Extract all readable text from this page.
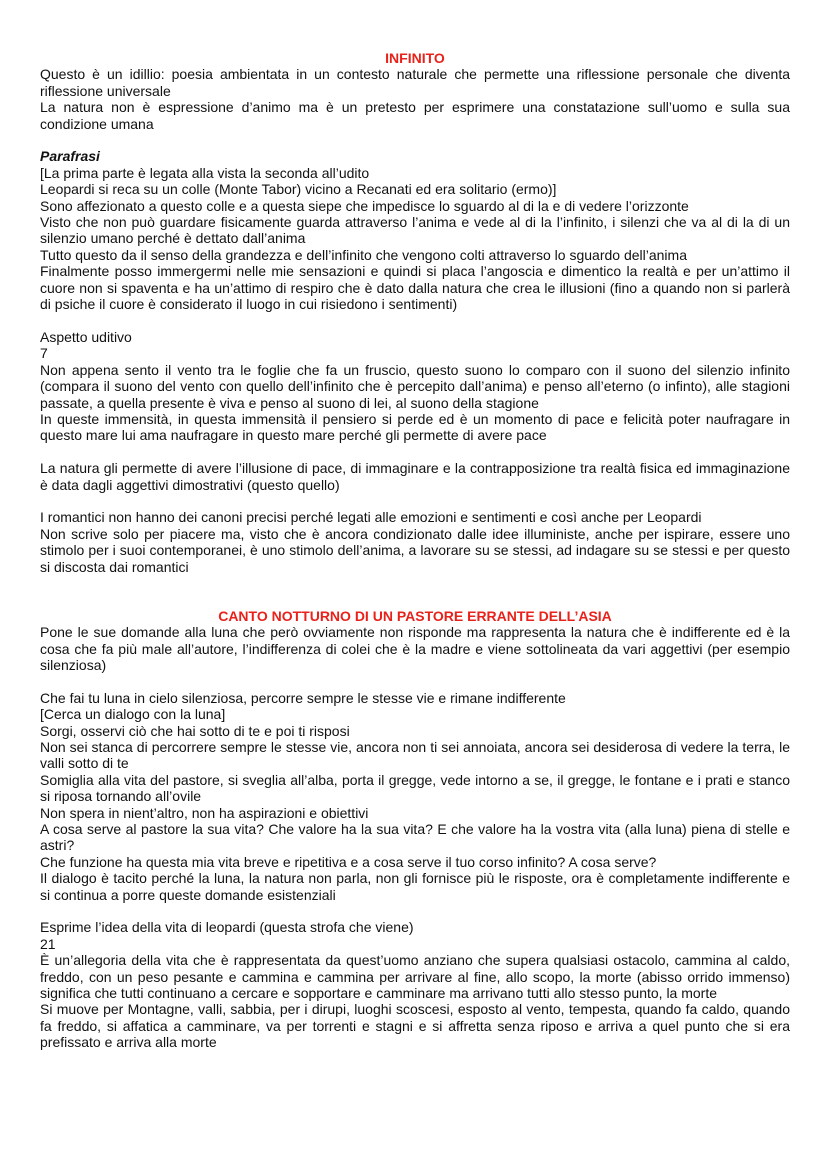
INFINITO

Questo è un idillio: poesia ambientata in un contesto naturale che permette una riflessione personale che diventa riflessione universale

La natura non è espressione d’animo ma è un pretesto per esprimere una constatazione sull’uomo e sulla sua condizione umana

Parafrasi

[La prima parte è legata alla vista la seconda all’udito

Leopardi si reca su un colle (Monte Tabor) vicino a Recanati ed era solitario (ermo)]

Sono affezionato a questo colle e a questa siepe che impedisce lo sguardo al di la e di vedere l’orizzonte

Visto che non può guardare fisicamente guarda attraverso l’anima e vede al di la l’infinito, i silenzi che va al di la di un silenzio umano perché è dettato dall’anima

Tutto questo da il senso della grandezza e dell’infinito che vengono colti attraverso lo sguardo dell’anima

Finalmente posso immergermi nelle mie sensazioni e quindi si placa l’angoscia e dimentico la realtà e per un’attimo il cuore non si spaventa e ha un’attimo di respiro che è dato dalla natura che crea le illusioni (fino a quando non si parlerà di psiche il cuore è considerato il luogo in cui risiedono i sentimenti)

Aspetto uditivo

7

Non appena sento il vento tra le foglie che fa un fruscio, questo suono lo comparo con il suono del silenzio infinito (compara il suono del vento con quello dell’infinito che è percepito dall’anima) e penso all’eterno (o infinto), alle stagioni passate, a quella presente è viva e penso al suono di lei, al suono della stagione

In queste immensità, in questa immensità il pensiero si perde ed è un momento di pace e felicità poter naufragare in questo mare lui ama naufragare in questo mare perché gli permette di avere pace

La natura gli permette di avere l’illusione di pace, di immaginare e la contrapposizione tra realtà fisica ed immaginazione è data dagli aggettivi dimostrativi (questo quello)

I romantici non hanno dei canoni precisi perché legati alle emozioni e sentimenti e così anche per Leopardi

Non scrive solo per piacere ma, visto che è ancora condizionato dalle idee illuministe, anche per ispirare, essere uno stimolo per i suoi contemporanei, è uno stimolo dell’anima, a lavorare su se stessi, ad indagare su se stessi e per questo si discosta dai romantici

CANTO NOTTURNO DI UN PASTORE ERRANTE DELL’ASIA

Pone le sue domande alla luna che però ovviamente non risponde ma rappresenta la natura che è indifferente ed è la cosa che fa più male all’autore, l’indifferenza di colei che è la madre e viene sottolineata da vari aggettivi (per esempio silenziosa)

Che fai tu luna in cielo silenziosa, percorre sempre le stesse vie e rimane indifferente

[Cerca un dialogo con la luna]

Sorgi, osservi ciò che hai sotto di te e poi ti risposi

Non sei stanca di percorrere sempre le stesse vie, ancora non ti sei annoiata, ancora sei desiderosa di vedere la terra, le valli sotto di te

Somiglia alla vita del pastore, si sveglia all’alba, porta il gregge, vede intorno a se, il gregge, le fontane e i prati e stanco si riposa tornando all’ovile

Non spera in nient’altro, non ha aspirazioni e obiettivi

A cosa serve al pastore la sua vita? Che valore ha la sua vita? E che valore ha la vostra vita (alla luna) piena di stelle e astri?

Che funzione ha questa mia vita breve e ripetitiva e a cosa serve il tuo corso infinito? A cosa serve?

Il dialogo è tacito perché la luna, la natura non parla, non gli fornisce più le risposte, ora è completamente indifferente e si continua a porre queste domande esistenziali

Esprime l’idea della vita di leopardi (questa strofa che viene)

21

È un’allegoria della vita che è rappresentata da quest’uomo anziano che supera qualsiasi ostacolo, cammina al caldo, freddo, con un peso pesante e cammina e cammina per arrivare al fine, allo scopo, la morte (abisso orrido immenso) significa che tutti continuano a cercare e sopportare e camminare ma arrivano tutti allo stesso punto, la morte

Si muove per Montagne, valli, sabbia, per i dirupi, luoghi scoscesi, esposto al vento, tempesta, quando fa caldo, quando fa freddo, si affatica a camminare, va per torrenti e stagni e si affretta senza riposo e arriva a quel punto che si era prefissato e arriva alla morte
